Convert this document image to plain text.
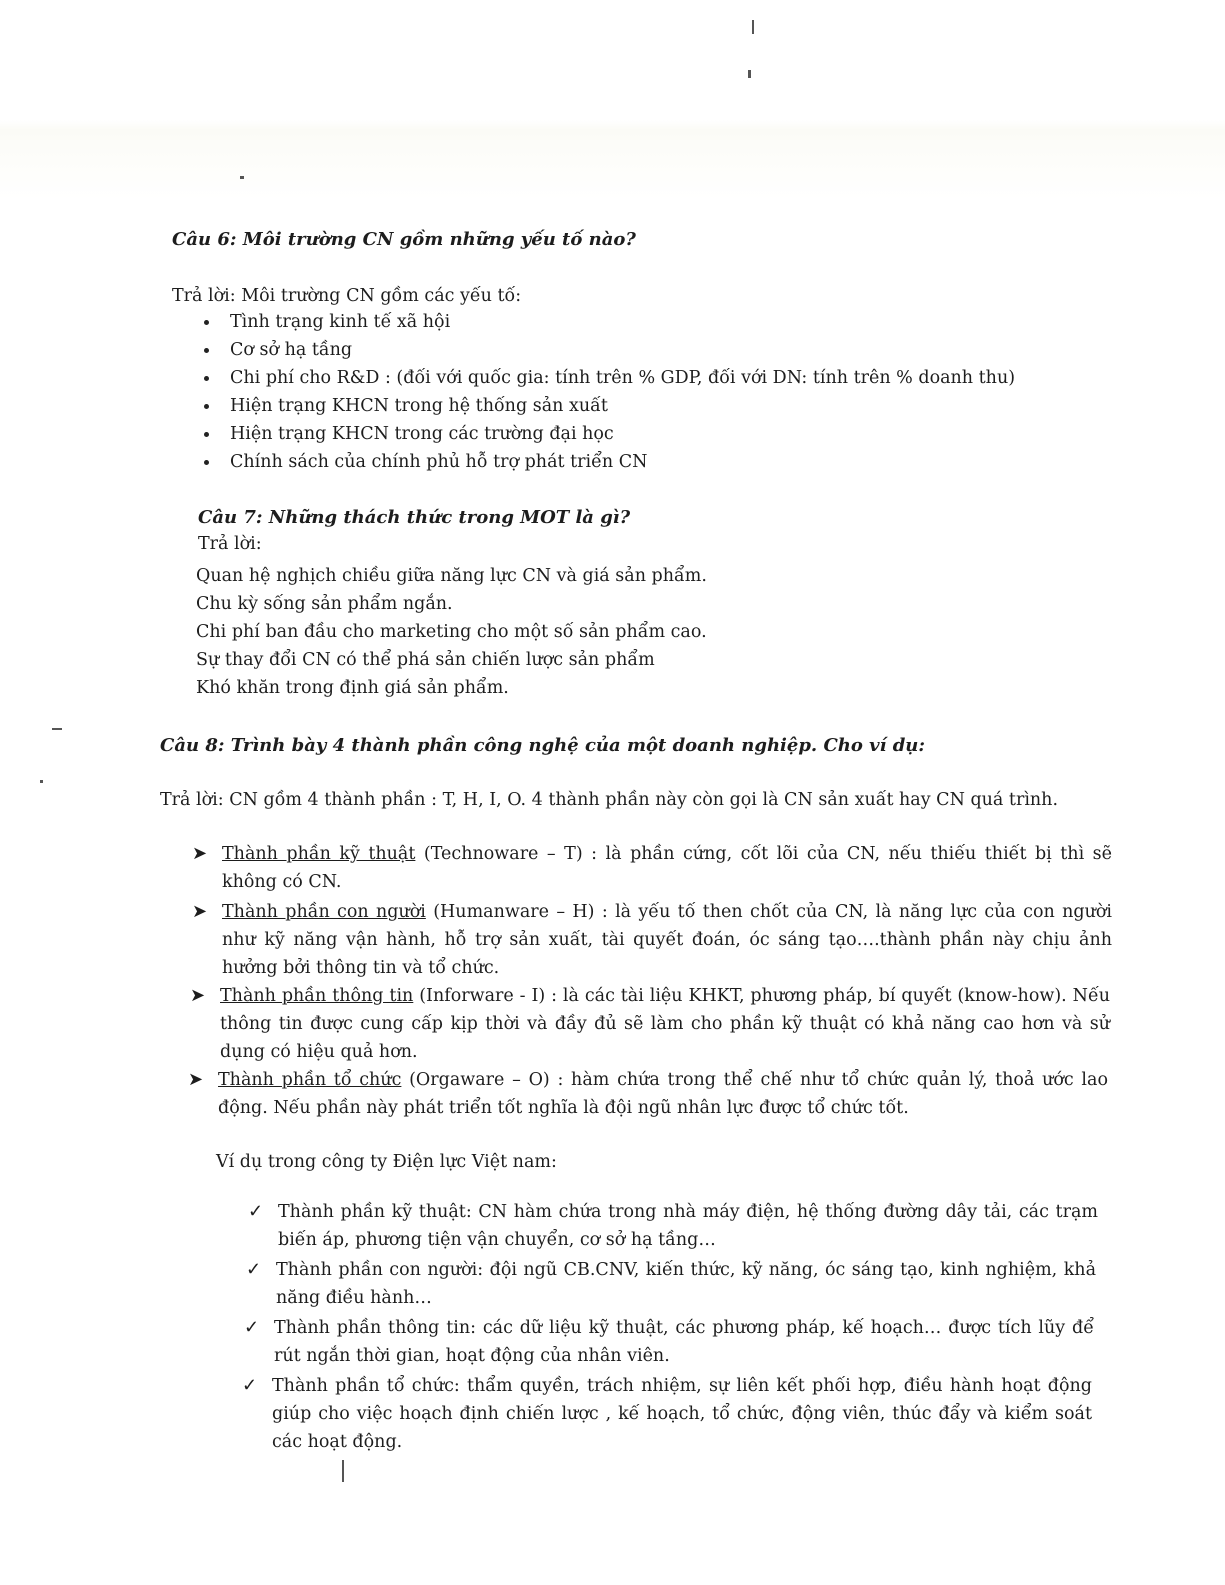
Câu 6: Môi trường CN gồm những yếu tố nào?
Trả lời: Môi trường CN gồm các yếu tố:
Tình trạng kinh tế xã hội
Cơ sở hạ tầng
Chi phí cho R&D : (đối với quốc gia: tính trên % GDP, đối với DN: tính trên % doanh thu)
Hiện trạng KHCN trong hệ thống sản xuất
Hiện trạng KHCN trong các trường đại học
Chính sách của chính phủ hỗ trợ phát triển CN
Câu 7: Những thách thức trong MOT là gì?
Trả lời:
Quan hệ nghịch chiều giữa năng lực CN và giá sản phẩm.
Chu kỳ sống sản phẩm ngắn.
Chi phí ban đầu cho marketing cho một số sản phẩm cao.
Sự thay đổi CN có thể phá sản chiến lược sản phẩm
Khó khăn trong định giá sản phẩm.
Câu 8: Trình bày 4 thành phần công nghệ của một doanh nghiệp. Cho ví dụ:
Trả lời: CN gồm 4 thành phần : T, H, I, O. 4 thành phần này còn gọi là CN sản xuất hay CN quá trình.
➤ Thành phần kỹ thuật (Technoware – T) : là phần cứng, cốt lõi của CN, nếu thiếu thiết bị thì sẽ không có CN.
➤ Thành phần con người (Humanware – H) : là yếu tố then chốt của CN, là năng lực của con người như kỹ năng vận hành, hỗ trợ sản xuất, tài quyết đoán, óc sáng tạo….thành phần này chịu ảnh hưởng bởi thông tin và tổ chức.
➤ Thành phần thông tin (Inforware - I) : là các tài liệu KHKT, phương pháp, bí quyết (know-how). Nếu thông tin được cung cấp kịp thời và đầy đủ sẽ làm cho phần kỹ thuật có khả năng cao hơn và sử dụng có hiệu quả hơn.
➤ Thành phần tổ chức (Orgaware – O) : hàm chứa trong thể chế như tổ chức quản lý, thoả ước lao động. Nếu phần này phát triển tốt nghĩa là đội ngũ nhân lực được tổ chức tốt.
Ví dụ trong công ty Điện lực Việt nam:
✓ Thành phần kỹ thuật: CN hàm chứa trong nhà máy điện, hệ thống đường dây tải, các trạm biến áp, phương tiện vận chuyển, cơ sở hạ tầng…
✓ Thành phần con người: đội ngũ CB.CNV, kiến thức, kỹ năng, óc sáng tạo, kinh nghiệm, khả năng điều hành…
✓ Thành phần thông tin: các dữ liệu kỹ thuật, các phương pháp, kế hoạch… được tích lũy để rút ngắn thời gian, hoạt động của nhân viên.
✓ Thành phần tổ chức: thẩm quyền, trách nhiệm, sự liên kết phối hợp, điều hành hoạt động giúp cho việc hoạch định chiến lược , kế hoạch, tổ chức, động viên, thúc đẩy và kiểm soát các hoạt động.
